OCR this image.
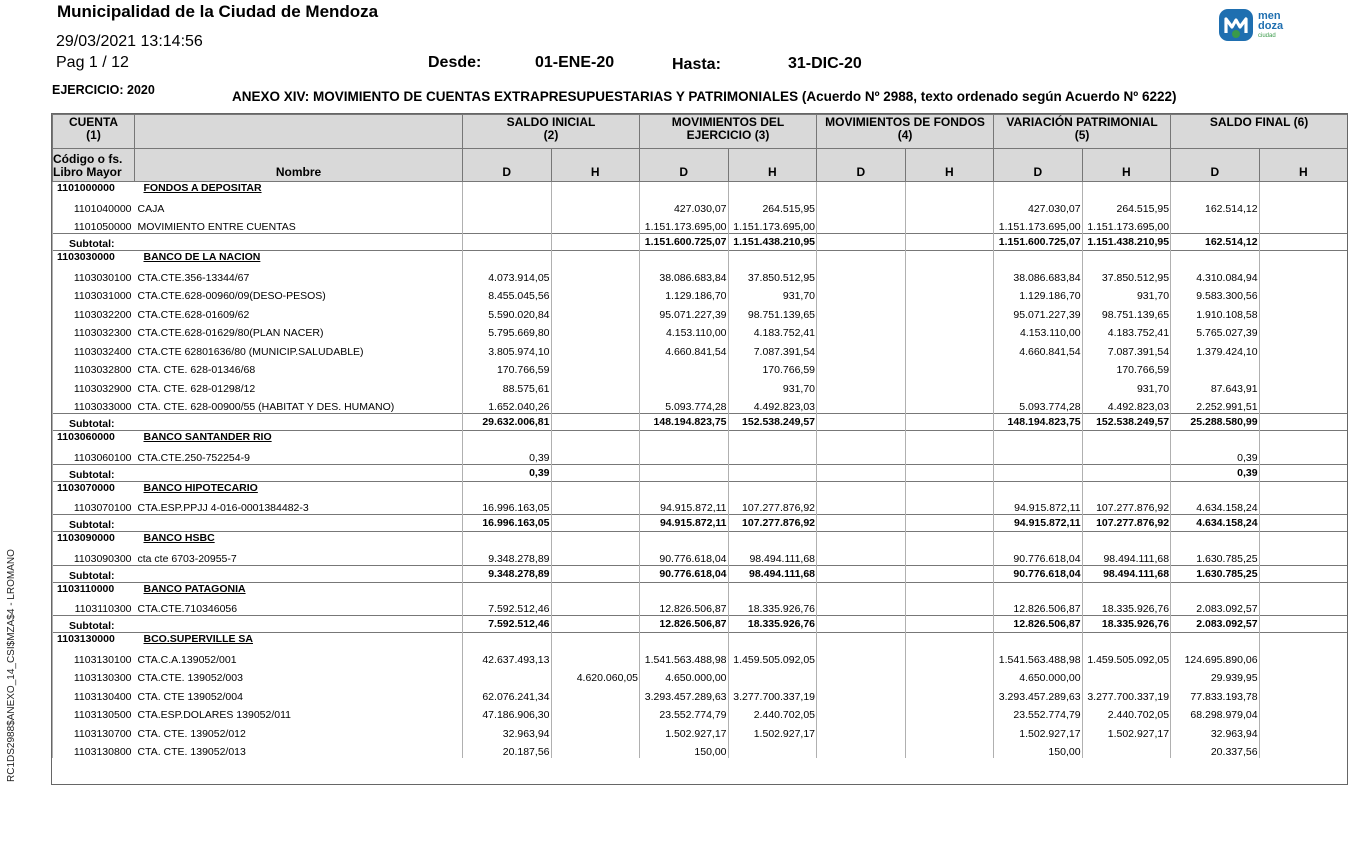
Municipalidad de la Ciudad de Mendoza
29/03/2021 13:14:56
Pag 1 / 12	Desde:	01-ENE-20	Hasta:	31-DIC-20
EJERCICIO: 2020	ANEXO XIV: MOVIMIENTO DE CUENTAS EXTRAPRESUPUESTARIAS Y PATRIMONIALES (Acuerdo Nº 2988, texto ordenado según Acuerdo Nº 6222)
RC1DS2988$ANEXO_14_CSI$MZA$4 - LROMANO
men
doza
ciudad
CUENTA
(1)		SALDO INICIAL
(2)		MOVIMIENTOS DEL
EJERCICIO (3)		MOVIMIENTOS DE FONDOS
(4)		VARIACIÓN PATRIMONIAL
(5)		SALDO FINAL (6)	
Código o fs.
Libro Mayor	Nombre	D	H	D	H	D	H	D	H	D	H
1101000000	FONDOS A DEPOSITAR										
1101040000	CAJA			427.030,07	264.515,95			427.030,07	264.515,95	162.514,12	
1101050000	MOVIMIENTO ENTRE CUENTAS			1.151.173.695,00	1.151.173.695,00			1.151.173.695,00	1.151.173.695,00		
Subtotal:				1.151.600.725,07	1.151.438.210,95			1.151.600.725,07	1.151.438.210,95	162.514,12	
1103030000	BANCO DE LA NACION										
1103030100	CTA.CTE.356-13344/67	4.073.914,05		38.086.683,84	37.850.512,95			38.086.683,84	37.850.512,95	4.310.084,94	
1103031000	CTA.CTE.628-00960/09(DESO-PESOS)	8.455.045,56		1.129.186,70	931,70			1.129.186,70	931,70	9.583.300,56	
1103032200	CTA.CTE.628-01609/62	5.590.020,84		95.071.227,39	98.751.139,65			95.071.227,39	98.751.139,65	1.910.108,58	
1103032300	CTA.CTE.628-01629/80(PLAN NACER)	5.795.669,80		4.153.110,00	4.183.752,41			4.153.110,00	4.183.752,41	5.765.027,39	
1103032400	CTA.CTE 62801636/80 (MUNICIP.SALUDABLE)	3.805.974,10		4.660.841,54	7.087.391,54			4.660.841,54	7.087.391,54	1.379.424,10	
1103032800	CTA. CTE. 628-01346/68	170.766,59			170.766,59				170.766,59		
1103032900	CTA. CTE. 628-01298/12	88.575,61			931,70				931,70	87.643,91	
1103033000	CTA. CTE. 628-00900/55 (HABITAT Y DES. HUMANO)	1.652.040,26		5.093.774,28	4.492.823,03			5.093.774,28	4.492.823,03	2.252.991,51	
Subtotal:		29.632.006,81		148.194.823,75	152.538.249,57			148.194.823,75	152.538.249,57	25.288.580,99	
1103060000	BANCO SANTANDER RIO										
1103060100	CTA.CTE.250-752254-9	0,39								0,39	
Subtotal:		0,39								0,39	
1103070000	BANCO HIPOTECARIO										
1103070100	CTA.ESP.PPJJ 4-016-0001384482-3	16.996.163,05		94.915.872,11	107.277.876,92			94.915.872,11	107.277.876,92	4.634.158,24	
Subtotal:		16.996.163,05		94.915.872,11	107.277.876,92			94.915.872,11	107.277.876,92	4.634.158,24	
1103090000	BANCO HSBC										
1103090300	cta cte 6703-20955-7	9.348.278,89		90.776.618,04	98.494.111,68			90.776.618,04	98.494.111,68	1.630.785,25	
Subtotal:		9.348.278,89		90.776.618,04	98.494.111,68			90.776.618,04	98.494.111,68	1.630.785,25	
1103110000	BANCO PATAGONIA										
1103110300	CTA.CTE.710346056	7.592.512,46		12.826.506,87	18.335.926,76			12.826.506,87	18.335.926,76	2.083.092,57	
Subtotal:		7.592.512,46		12.826.506,87	18.335.926,76			12.826.506,87	18.335.926,76	2.083.092,57	
1103130000	BCO.SUPERVILLE SA										
1103130100	CTA.C.A.139052/001	42.637.493,13		1.541.563.488,98	1.459.505.092,05			1.541.563.488,98	1.459.505.092,05	124.695.890,06	
1103130300	CTA.CTE. 139052/003		4.620.060,05	4.650.000,00				4.650.000,00		29.939,95	
1103130400	CTA. CTE 139052/004	62.076.241,34		3.293.457.289,63	3.277.700.337,19			3.293.457.289,63	3.277.700.337,19	77.833.193,78	
1103130500	CTA.ESP.DOLARES 139052/011	47.186.906,30		23.552.774,79	2.440.702,05			23.552.774,79	2.440.702,05	68.298.979,04	
1103130700	CTA. CTE. 139052/012	32.963,94		1.502.927,17	1.502.927,17			1.502.927,17	1.502.927,17	32.963,94	
1103130800	CTA. CTE. 139052/013	20.187,56		150,00				150,00		20.337,56	
